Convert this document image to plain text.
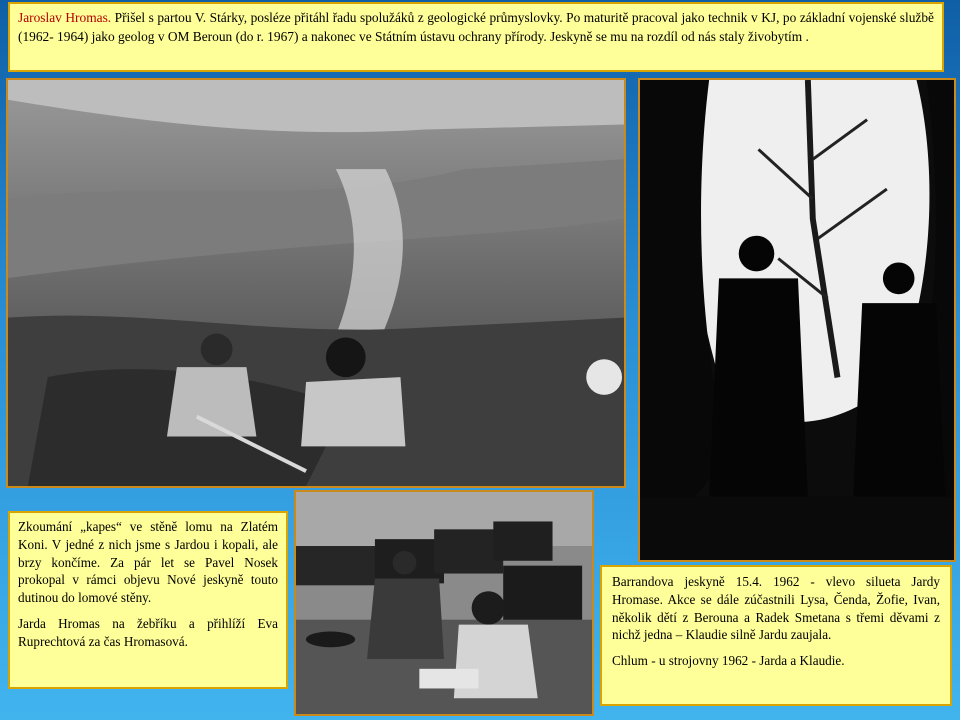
Jaroslav Hromas. Přišel s partou V. Stárky, posléze přitáhl řadu spolužáků z geologické průmyslovky. Po maturitě pracoval jako technik v KJ, po základní vojenské službě (1962- 1964) jako geolog v OM Beroun (do r. 1967) a nakonec ve Státním ústavu ochrany přírody. Jeskyně se mu na rozdíl od nás staly živobytím .

Zkoumání „kapes“ ve stěně lomu na Zlatém Koni. V jedné z nich jsme s Jardou i kopali, ale brzy končíme. Za pár let se Pavel Nosek prokopal v rámci objevu Nové jeskyně touto dutinou do lomové stěny.

Jarda Hromas na žebříku a přihlíží Eva Ruprechtová za čas Hromasová.

Barrandova jeskyně 15.4. 1962 - vlevo silueta Jardy Hromase. Akce se dále zúčastnili Lysa, Čenda, Žofie, Ivan, několik dětí z Berouna a Radek Smetana s třemi děvami z nichž jedna – Klaudie silně Jardu zaujala.

Chlum - u strojovny 1962 - Jarda a Klaudie.
